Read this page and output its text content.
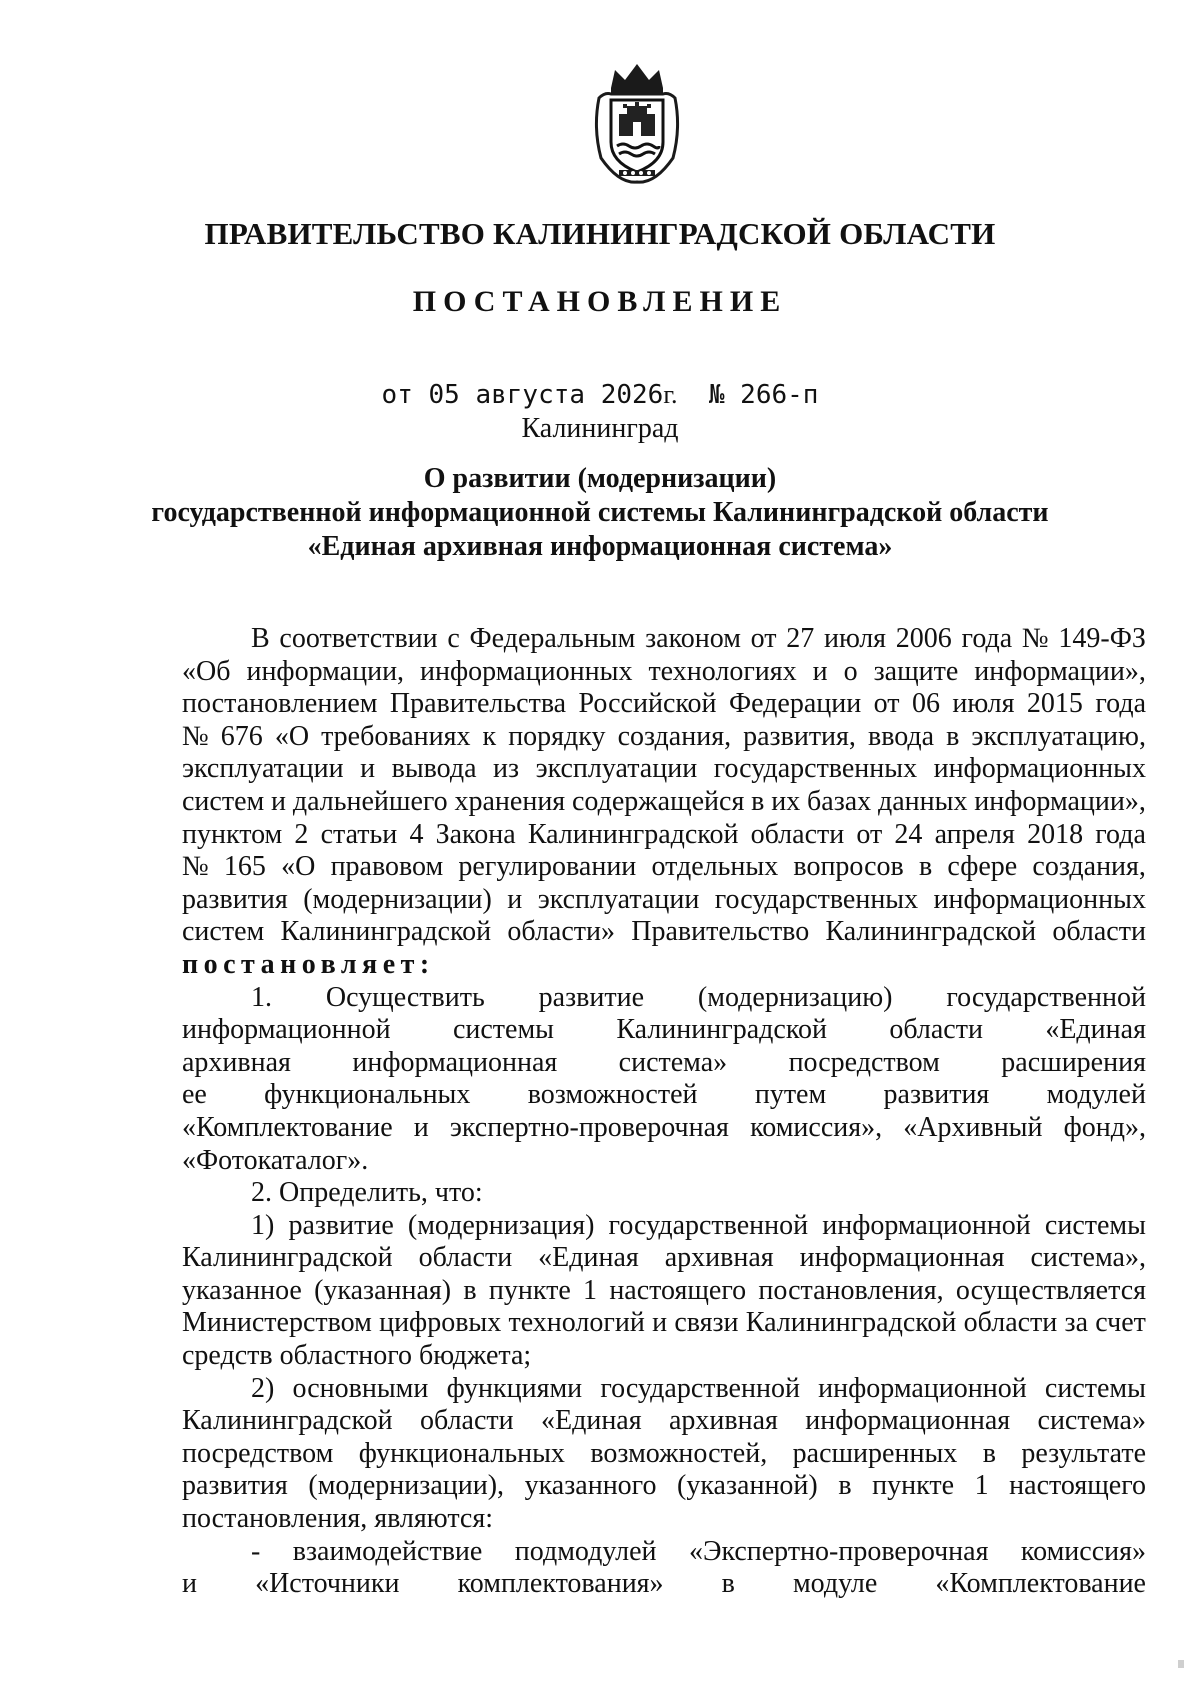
ПРАВИТЕЛЬСТВО КАЛИНИНГРАДСКОЙ ОБЛАСТИ
ПОСТАНОВЛЕНИЕ
от 05 августа 2026г. № 266-п
Калининград
О развитии (модернизации)
государственной информационной системы Калининградской области
«Единая архивная информационная система»
В соответствии с Федеральным законом от 27 июля 2006 года № 149-ФЗ
«Об информации, информационных технологиях и о защите информации»,
постановлением Правительства Российской Федерации от 06 июля 2015 года
№ 676 «О требованиях к порядку создания, развития, ввода в эксплуатацию,
эксплуатации и вывода из эксплуатации государственных информационных
систем и дальнейшего хранения содержащейся в их базах данных информации»,
пунктом 2 статьи 4 Закона Калининградской области от 24 апреля 2018 года
№ 165 «О правовом регулировании отдельных вопросов в сфере создания,
развития (модернизации) и эксплуатации государственных информационных
систем Калининградской области» Правительство Калининградской области
постановляет:
1. Осуществить развитие (модернизацию) государственной
информационной системы Калининградской области «Единая
архивная информационная система» посредством расширения
ее функциональных возможностей путем развития модулей
«Комплектование и экспертно-проверочная комиссия», «Архивный фонд»,
«Фотокаталог».
2. Определить, что:
1) развитие (модернизация) государственной информационной системы
Калининградской области «Единая архивная информационная система»,
указанное (указанная) в пункте 1 настоящего постановления, осуществляется
Министерством цифровых технологий и связи Калининградской области за счет
средств областного бюджета;
2) основными функциями государственной информационной системы
Калининградской области «Единая архивная информационная система»
посредством функциональных возможностей, расширенных в результате
развития (модернизации), указанного (указанной) в пункте 1 настоящего
постановления, являются:
- взаимодействие подмодулей «Экспертно-проверочная комиссия»
и «Источники комплектования» в модуле «Комплектование
